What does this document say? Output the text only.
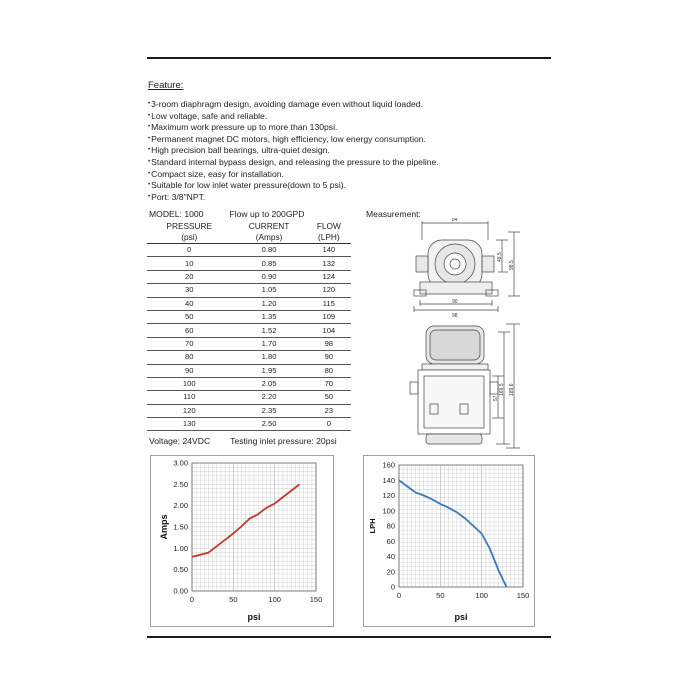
Feature:
• 3-room diaphragm design, avoiding damage even without liquid loaded.
• Low voltage, safe and reliable.
• Maximum work pressure up to more than 130psi.
• Permanent magnet DC motors, high efficiency, low energy consumption.
• High precision ball bearings, ultra-quiet design.
• Standard internal bypass design, and releasing the pressure to the pipeline.
• Compact size, easy for installation.
• Suitable for low inlet water pressure(down to 5 psi).
• Port: 3/8"NPT.
MODEL: 1000	Flow up to 200GPD	Measurement:
PRESSURE	CURRENT	FLOW
(psi)	(Amps)	(LPH)
0	0.80	140
10	0.85	132
20	0.90	124
30	1.05	120
40	1.20	115
50	1.35	109
60	1.52	104
70	1.70	98
80	1.80	90
90	1.95	80
100	2.05	70
110	2.20	50
120	2.35	23
130	2.50	0
Voltage: 24VDC Testing inlet pressure: 20psi
84
90
98
48.5
98.5
57
169.5 189.6
0.00
0.50
1.00
1.50
2.00
2.50
3.00
0	50	100	150
psi
Amps
0
20
40
60
80
100
120
140
160
0	50	100	150
psi
LPH
